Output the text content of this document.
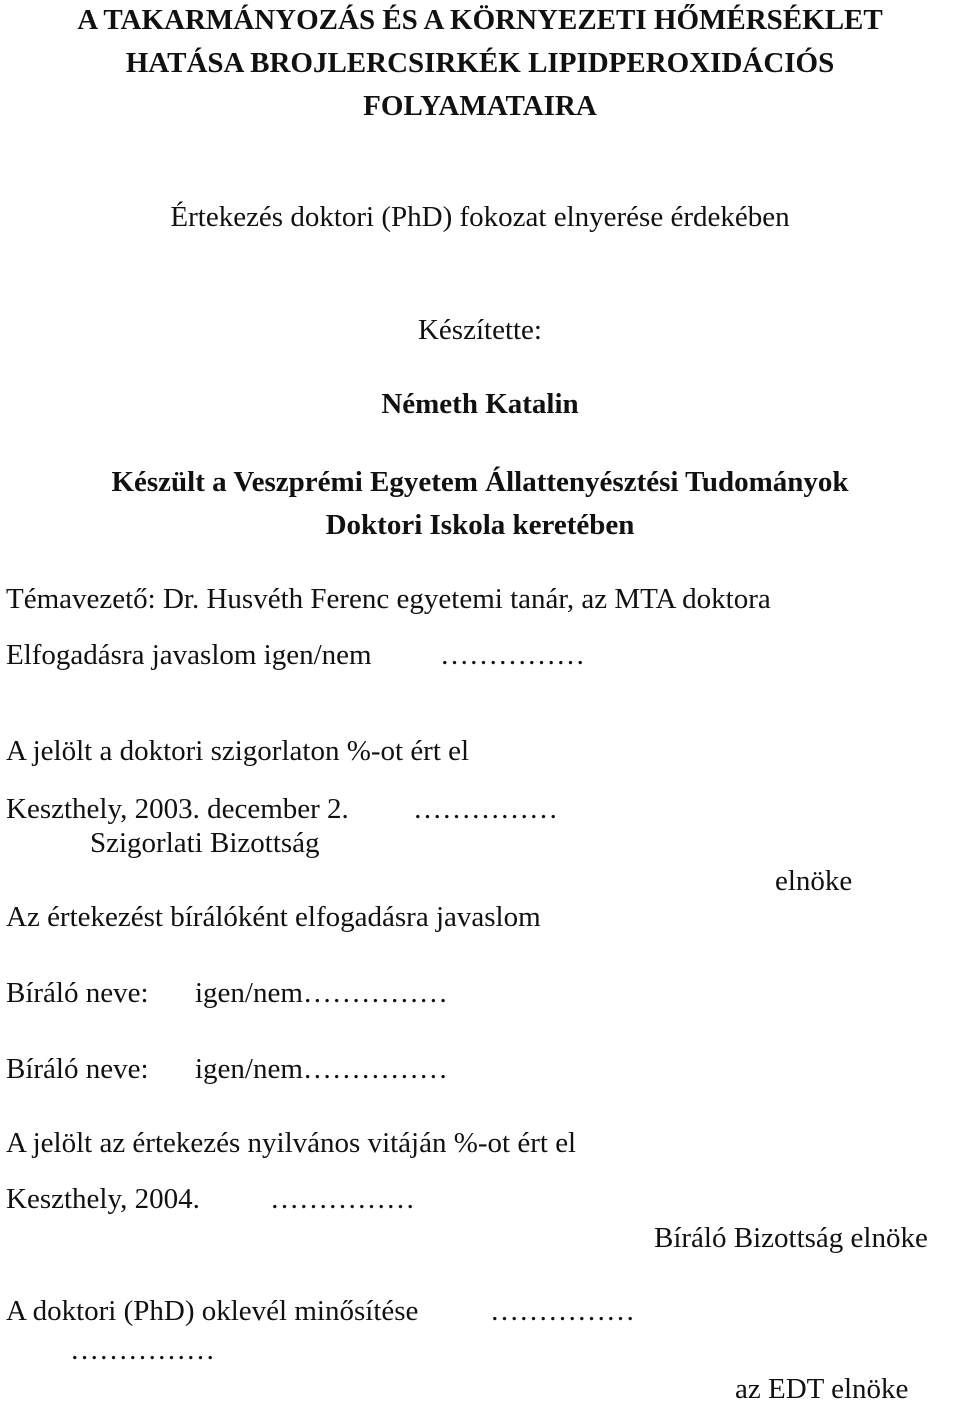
A TAKARMÁNYOZÁS ÉS A KÖRNYEZETI HŐMÉRSÉKLET
HATÁSA BROJLERCSIRKÉK LIPIDPEROXIDÁCIÓS
FOLYAMATAIRA
Értekezés doktori (PhD) fokozat elnyerése érdekében
Készítette:
Németh Katalin
Készült a Veszprémi Egyetem Állattenyésztési Tudományok
Doktori Iskola keretében
Témavezető: Dr. Husvéth Ferenc egyetemi tanár, az MTA doktora
Elfogadásra javaslom igen/nem ……………
A jelölt a doktori szigorlaton %-ot ért el
Keszthely, 2003. december 2. ……………
Szigorlati Bizottság
elnöke
Az értekezést bírálóként elfogadásra javaslom
Bíráló neve: igen/nem……………
Bíráló neve: igen/nem……………
A jelölt az értekezés nyilvános vitáján %-ot ért el
Keszthely, 2004. ……………
Bíráló Bizottság elnöke
A doktori (PhD) oklevél minősítése ……………
……………
az EDT elnöke
